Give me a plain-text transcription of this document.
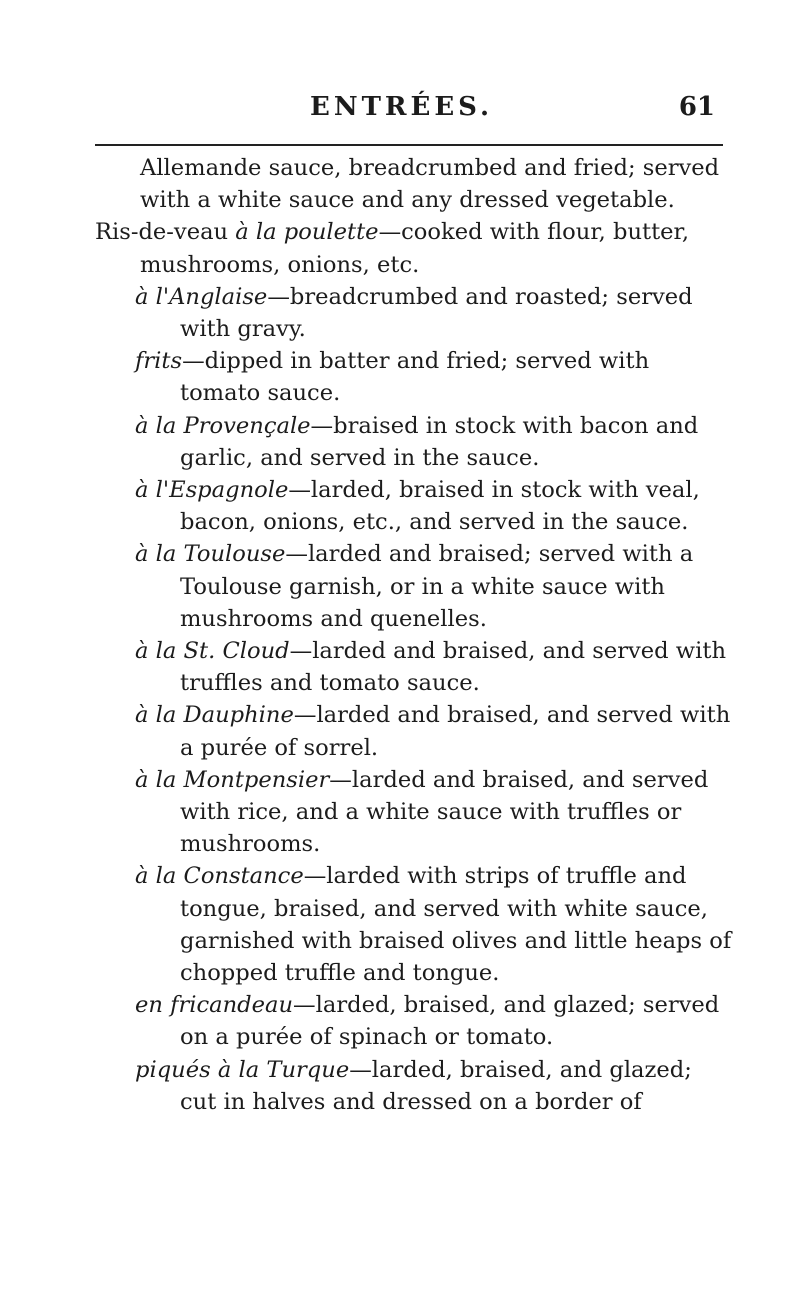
ENTRÉES.	61

Allemande sauce, breadcrumbed and fried; served with a white sauce and any dressed vegetable.

Ris-de-veau à la poulette—cooked with flour, butter, mushrooms, onions, etc.

à l'Anglaise—breadcrumbed and roasted; served with gravy.

frits—dipped in batter and fried; served with tomato sauce.

à la Provençale—braised in stock with bacon and garlic, and served in the sauce.

à l'Espagnole—larded, braised in stock with veal, bacon, onions, etc., and served in the sauce.

à la Toulouse—larded and braised; served with a Toulouse garnish, or in a white sauce with mushrooms and quenelles.

à la St. Cloud—larded and braised, and served with truffles and tomato sauce.

à la Dauphine—larded and braised, and served with a purée of sorrel.

à la Montpensier—larded and braised, and served with rice, and a white sauce with truffles or mushrooms.

à la Constance—larded with strips of truffle and tongue, braised, and served with white sauce, garnished with braised olives and little heaps of chopped truffle and tongue.

en fricandeau—larded, braised, and glazed; served on a purée of spinach or tomato.

piqués à la Turque—larded, braised, and glazed; cut in halves and dressed on a border of
